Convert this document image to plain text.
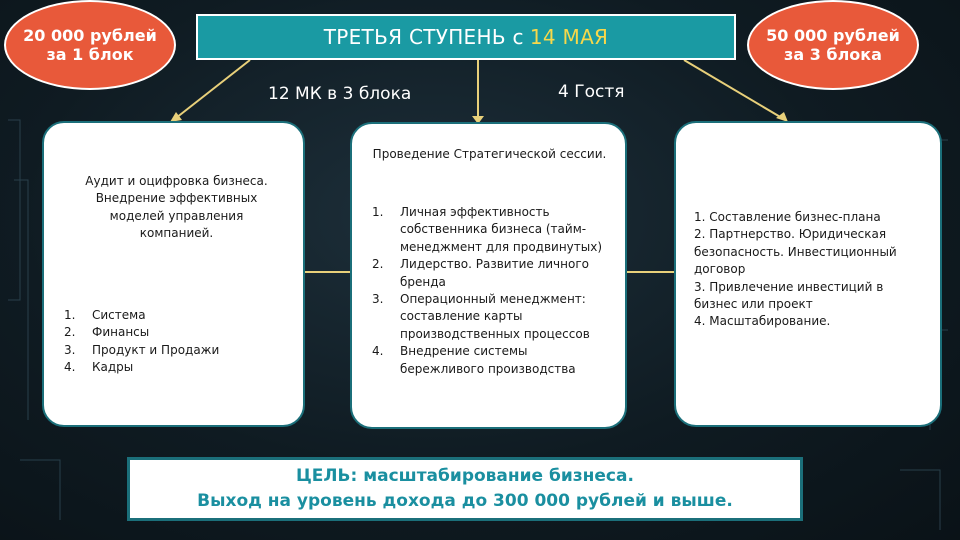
20 000 рублей за 1 блок
ТРЕТЬЯ СТУПЕНЬ с 14 МАЯ	50 000 рублей за 3 блока
12 МК в 3 блока	4 Гостя
Аудит и оцифровка бизнеса. Внедрение эффективных моделей управления компанией.
1.	Система
2.	Финансы
3.	Продукт и Продажи
4.	Кадры
Проведение Стратегической сессии.
1.	Личная эффективность собственника бизнеса (тайм-менеджмент для продвинутых)
2.	Лидерство. Развитие личного бренда
3.	Операционный менеджмент: составление карты производственных процессов
4.	Внедрение системы бережливого производства

1. Составление бизнес-плана

2. Партнерство. Юридическая безопасность. Инвестиционный договор

3. Привлечение инвестиций в бизнес или проект

4. Масштабирование.

ЦЕЛЬ: масштабирование бизнеса.
Выход на уровень дохода до 300 000 рублей и выше.
